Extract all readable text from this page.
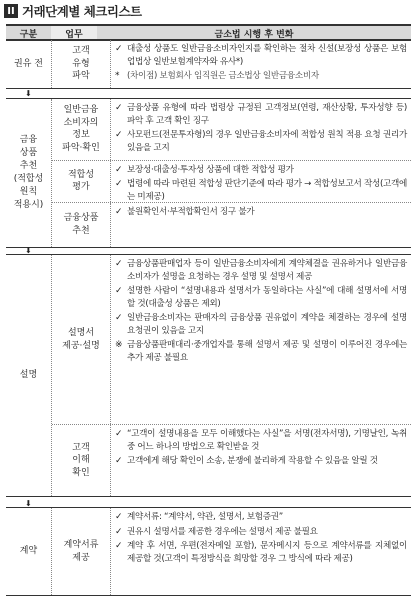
II 거래단계별 체크리스트
구분	업무	금소법 시행 후 변화
권유 전
고객
유형
파악
✓ 대출성 상품도 일반금융소비자인지를 확인하는 절차 신설(보장성 상품은 보험업법상 일반보험계약자와 유사*)
* (차이점) 보험회사 임직원은 금소법상 일반금융소비자
금융
상품
추천
(적합성
원칙
적용시)
일반금융
소비자의
정보
파악·확인
✓ 금융상품 유형에 따라 법령상 규정된 고객정보(연령, 재산상황, 투자성향 등) 파악 후 고객 확인 징구
✓ 사모펀드(전문투자형)의 경우 일반금융소비자에 적합성 원칙 적용 요청 권리가 있음을 고지
적합성
평가
✓ 보장성·대출성·투자성 상품에 대한 적합성 평가
✓ 법령에 따라 마련된 적합성 판단기준에 따라 평가 → 적합성보고서 작성(고객에는 미제공)
금융상품
추천
✓ 불원확인서·부적합확인서 징구 불가
설명
설명서
제공·설명
✓ 금융상품판매업자 등이 일반금융소비자에게 계약체결을 권유하거나 일반금융소비자가 설명을 요청하는 경우 설명 및 설명서 제공
✓ 설명한 사람이 “설명내용과 설명서가 동일하다는 사실”에 대해 설명서에 서명할 것(대출성 상품은 제외)
✓ 일반금융소비자는 판매자의 금융상품 권유없이 계약을 체결하는 경우에 설명요청권이 있음을 고지
※ 금융상품판매대리·중개업자를 통해 설명서 제공 및 설명이 이루어진 경우에는 추가 제공 불필요
고객
이해
확인
✓ “고객이 설명내용을 모두 이해했다는 사실”을 서명(전자서명), 기명날인, 녹취 중 어느 하나의 방법으로 확인받을 것
✓ 고객에게 해당 확인이 소송, 분쟁에 불리하게 작용할 수 있음을 알릴 것
계약
계약서류
제공
✓ 계약서류: “계약서, 약관, 설명서, 보험증권”
✓ 권유시 설명서를 제공한 경우에는 설명서 제공 불필요
✓ 계약 후 서면, 우편(전자메일 포함), 문자메시지 등으로 계약서류를 지체없이 제공할 것(고객이 특정방식을 희망할 경우 그 방식에 따라 제공)
⬇
⬇
⬇
